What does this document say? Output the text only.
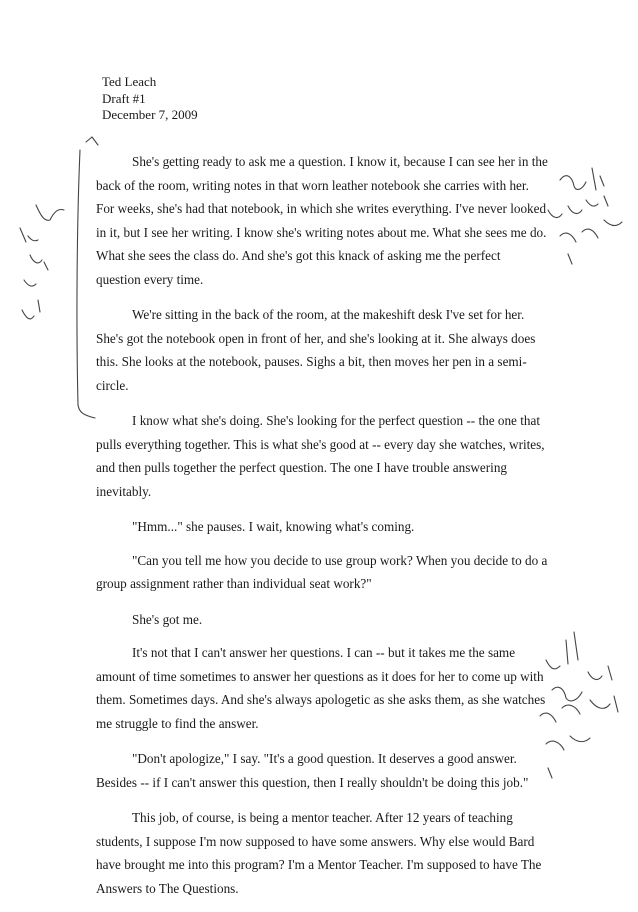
Ted Leach
Draft #1
December 7, 2009

She's getting ready to ask me a question. I know it, because I can see her in the back of the room, writing notes in that worn leather notebook she carries with her. For weeks, she's had that notebook, in which she writes everything. I've never looked in it, but I see her writing. I know she's writing notes about me. What she sees me do. What she sees the class do. And she's got this knack of asking me the perfect question every time.

We're sitting in the back of the room, at the makeshift desk I've set for her. She's got the notebook open in front of her, and she's looking at it. She always does this. She looks at the notebook, pauses. Sighs a bit, then moves her pen in a semi-circle.

I know what she's doing. She's looking for the perfect question -- the one that pulls everything together. This is what she's good at -- every day she watches, writes, and then pulls together the perfect question. The one I have trouble answering inevitably.

"Hmm..." she pauses. I wait, knowing what's coming.

"Can you tell me how you decide to use group work? When you decide to do a group assignment rather than individual seat work?"

She's got me.

It's not that I can't answer her questions. I can -- but it takes me the same amount of time sometimes to answer her questions as it does for her to come up with them. Sometimes days. And she's always apologetic as she asks them, as she watches me struggle to find the answer.

"Don't apologize," I say. "It's a good question. It deserves a good answer. Besides -- if I can't answer this question, then I really shouldn't be doing this job."

This job, of course, is being a mentor teacher. After 12 years of teaching students, I suppose I'm now supposed to have some answers. Why else would Bard have brought me into this program? I'm a Mentor Teacher. I'm supposed to have The Answers to The Questions.
